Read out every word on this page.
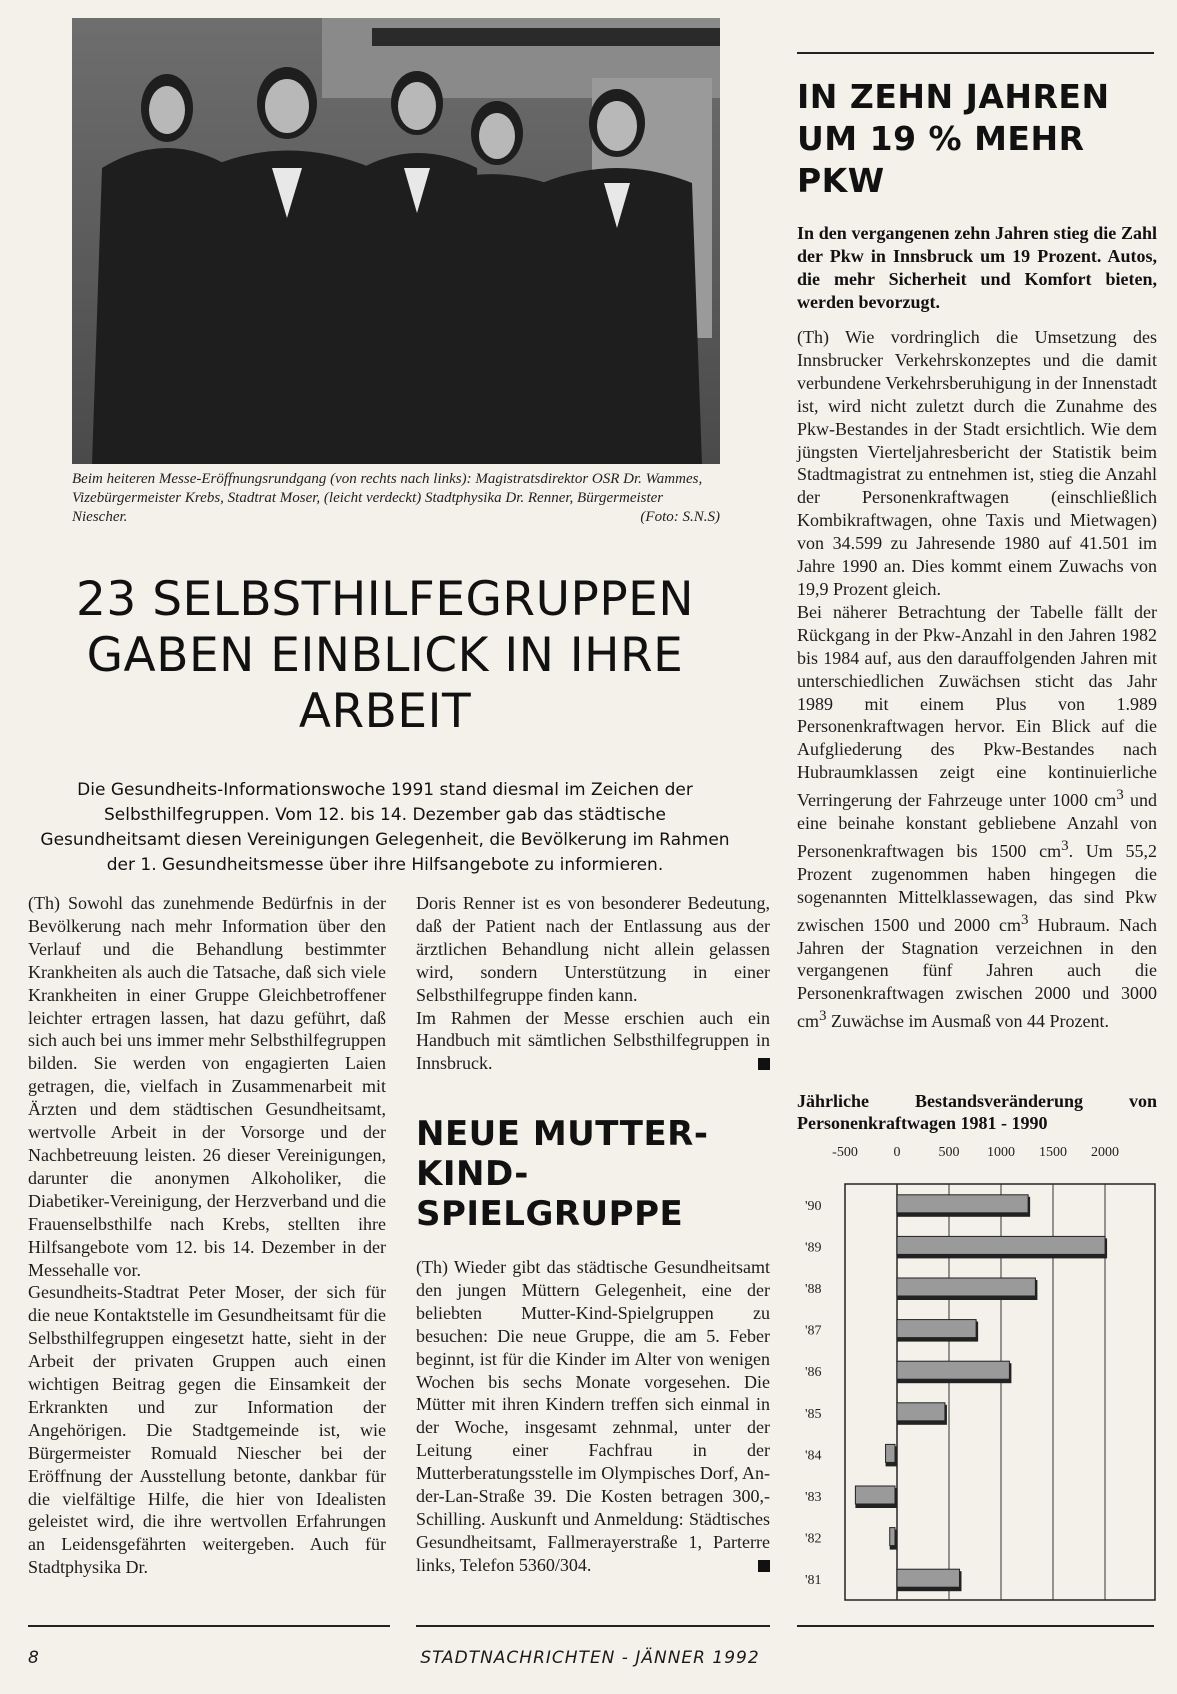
Beim heiteren Messe-Eröffnungsrundgang (von rechts nach links): Magistratsdirektor OSR Dr. Wammes, Vizebürgermeister Krebs, Stadtrat Moser, (leicht verdeckt) Stadtphysika Dr. Renner, Bürgermeister Niescher.	(Foto: S.N.S)
23 SELBSTHILFEGRUPPEN GABEN EINBLICK IN IHRE ARBEIT

Die Gesundheits-Informationswoche 1991 stand diesmal im Zeichen der Selbsthilfegruppen. Vom 12. bis 14. Dezember gab das städtische Gesundheitsamt diesen Vereinigungen Gelegenheit, die Bevölkerung im Rahmen der 1. Gesundheitsmesse über ihre Hilfsangebote zu informieren.

(Th) Sowohl das zunehmende Bedürfnis in der Bevölkerung nach mehr Information über den Verlauf und die Behandlung bestimmter Krankheiten als auch die Tatsache, daß sich viele Krankheiten in einer Gruppe Gleichbetroffener leichter ertragen lassen, hat dazu geführt, daß sich auch bei uns immer mehr Selbsthilfegruppen bilden. Sie werden von engagierten Laien getragen, die, vielfach in Zusammenarbeit mit Ärzten und dem städtischen Gesundheitsamt, wertvolle Arbeit in der Vorsorge und der Nachbetreuung leisten. 26 dieser Vereinigungen, darunter die anonymen Alkoholiker, die Diabetiker-Vereinigung, der Herzverband und die Frauenselbsthilfe nach Krebs, stellten ihre Hilfsangebote vom 12. bis 14. Dezember in der Messehalle vor.

Gesundheits-Stadtrat Peter Moser, der sich für die neue Kontaktstelle im Gesundheitsamt für die Selbsthilfegruppen eingesetzt hatte, sieht in der Arbeit der privaten Gruppen auch einen wichtigen Beitrag gegen die Einsamkeit der Erkrankten und zur Information der Angehörigen. Die Stadtgemeinde ist, wie Bürgermeister Romuald Niescher bei der Eröffnung der Ausstellung betonte, dankbar für die vielfältige Hilfe, die hier von Idealisten geleistet wird, die ihre wertvollen Erfahrungen an Leidensgefährten weitergeben. Auch für Stadtphysika Dr.

Doris Renner ist es von besonderer Bedeutung, daß der Patient nach der Entlassung aus der ärztlichen Behandlung nicht allein gelassen wird, sondern Unterstützung in einer Selbsthilfegruppe finden kann.

Im Rahmen der Messe erschien auch ein Handbuch mit sämtlichen Selbsthilfegruppen in Innsbruck.

NEUE MUTTER-KIND-SPIELGRUPPE

(Th) Wieder gibt das städtische Gesundheitsamt den jungen Müttern Gelegenheit, eine der beliebten Mutter-Kind-Spielgruppen zu besuchen: Die neue Gruppe, die am 5. Feber beginnt, ist für die Kinder im Alter von wenigen Wochen bis sechs Monate vorgesehen. Die Mütter mit ihren Kindern treffen sich einmal in der Woche, insgesamt zehnmal, unter der Leitung einer Fachfrau in der Mutterberatungsstelle im Olympisches Dorf, An-der-Lan-Straße 39. Die Kosten betragen 300,- Schilling. Auskunft und Anmeldung: Städtisches Gesundheitsamt, Fallmerayerstraße 1, Parterre links, Telefon 5360/304.

IN ZEHN JAHREN UM 19 % MEHR PKW

In den vergangenen zehn Jahren stieg die Zahl der Pkw in Innsbruck um 19 Prozent. Autos, die mehr Sicherheit und Komfort bieten, werden bevorzugt.

(Th) Wie vordringlich die Umsetzung des Innsbrucker Verkehrskonzeptes und die damit verbundene Verkehrsberuhigung in der Innenstadt ist, wird nicht zuletzt durch die Zunahme des Pkw-Bestandes in der Stadt ersichtlich. Wie dem jüngsten Vierteljahresbericht der Statistik beim Stadtmagistrat zu entnehmen ist, stieg die Anzahl der Personenkraftwagen (einschließlich Kombikraftwagen, ohne Taxis und Mietwagen) von 34.599 zu Jahresende 1980 auf 41.501 im Jahre 1990 an. Dies kommt einem Zuwachs von 19,9 Prozent gleich.

Bei näherer Betrachtung der Tabelle fällt der Rückgang in der Pkw-Anzahl in den Jahren 1982 bis 1984 auf, aus den darauffolgenden Jahren mit unterschiedlichen Zuwächsen sticht das Jahr 1989 mit einem Plus von 1.989 Personenkraftwagen hervor. Ein Blick auf die Aufgliederung des Pkw-Bestandes nach Hubraumklassen zeigt eine kontinuierliche Verringerung der Fahrzeuge unter 1000 $cm^3$ und eine beinahe konstant gebliebene Anzahl von Personenkraftwagen bis 1500 $cm^3$. Um 55,2 Prozent zugenommen haben hingegen die sogenannten Mittelklassewagen, das sind Pkw zwischen 1500 und 2000 $cm^3$ Hubraum. Nach Jahren der Stagnation verzeichnen in den vergangenen fünf Jahren auch die Personenkraftwagen zwischen 2000 und 3000 $cm^3$ Zuwächse im Ausmaß von 44 Prozent.

Jährliche Bestandsveränderung von Personenkraftwagen 1981 - 1990

-500	0	500 1000 1500 2000
'90
'89
'88
'87
'86
'85
'84
'83
'82
'81
8	STADTNACHRICHTEN - JÄNNER 1992
